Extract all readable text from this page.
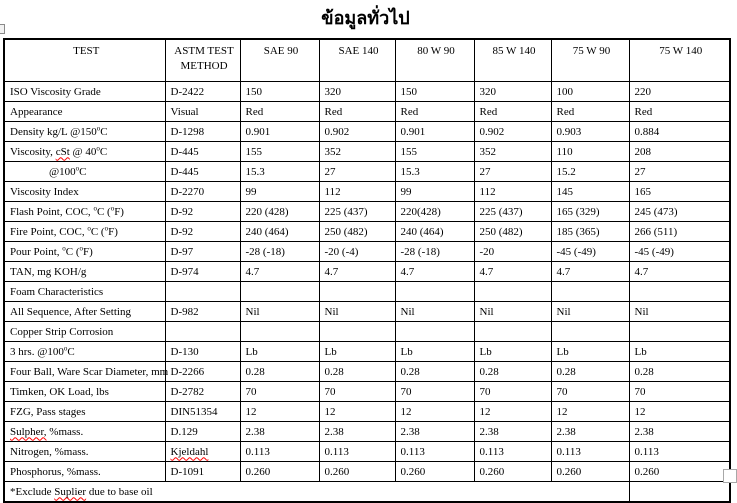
ข้อมูลทั่วไป
TEST	ASTM TEST METHOD	SAE 90	SAE 140	80 W 90	85 W 140	75 W 90	75 W 140
ISO Viscosity Grade	D-2422	150	320	150	320	100	220
Appearance	Visual	Red	Red	Red	Red	Red	Red
Density kg/L @150$^o$C	D-1298	0.901	0.902	0.901	0.902	0.903	0.884
Viscosity, cSt @ 40$^o$C	D-445	155	352	155	352	110	208
@100$^o$C	D-445	15.3	27	15.3	27	15.2	27
Viscosity Index	D-2270	99	112	99	112	145	165
Flash Point, COC, $^o$C ($^o$F)	D-92	220 (428)	225 (437)	220(428)	225 (437)	165 (329)	245 (473)
Fire Point, COC, $^o$C ($^o$F)	D-92	240 (464)	250 (482)	240 (464)	250 (482)	185 (365)	266 (511)
Pour Point, $^o$C ($^o$F)	D-97	-28 (-18)	-20 (-4)	-28 (-18)	-20	-45 (-49)	-45 (-49)
TAN, mg KOH/g	D-974	4.7	4.7	4.7	4.7	4.7	4.7
Foam Characteristics							
All Sequence, After Setting	D-982	Nil	Nil	Nil	Nil	Nil	Nil
Copper Strip Corrosion							
3 hrs. @100$^o$C	D-130	Lb	Lb	Lb	Lb	Lb	Lb
Four Ball, Ware Scar Diameter, mm	D-2266	0.28	0.28	0.28	0.28	0.28	0.28
Timken, OK Load, lbs	D-2782	70	70	70	70	70	70
FZG, Pass stages	DIN51354	12	12	12	12	12	12
Sulpher, %mass.	D.129	2.38	2.38	2.38	2.38	2.38	2.38
Nitrogen, %mass.	Kjeldahl	0.113	0.113	0.113	0.113	0.113	0.113
Phosphorus, %mass.	D-1091	0.260	0.260	0.260	0.260	0.260	0.260
*Exclude Suplier due to base oil							
